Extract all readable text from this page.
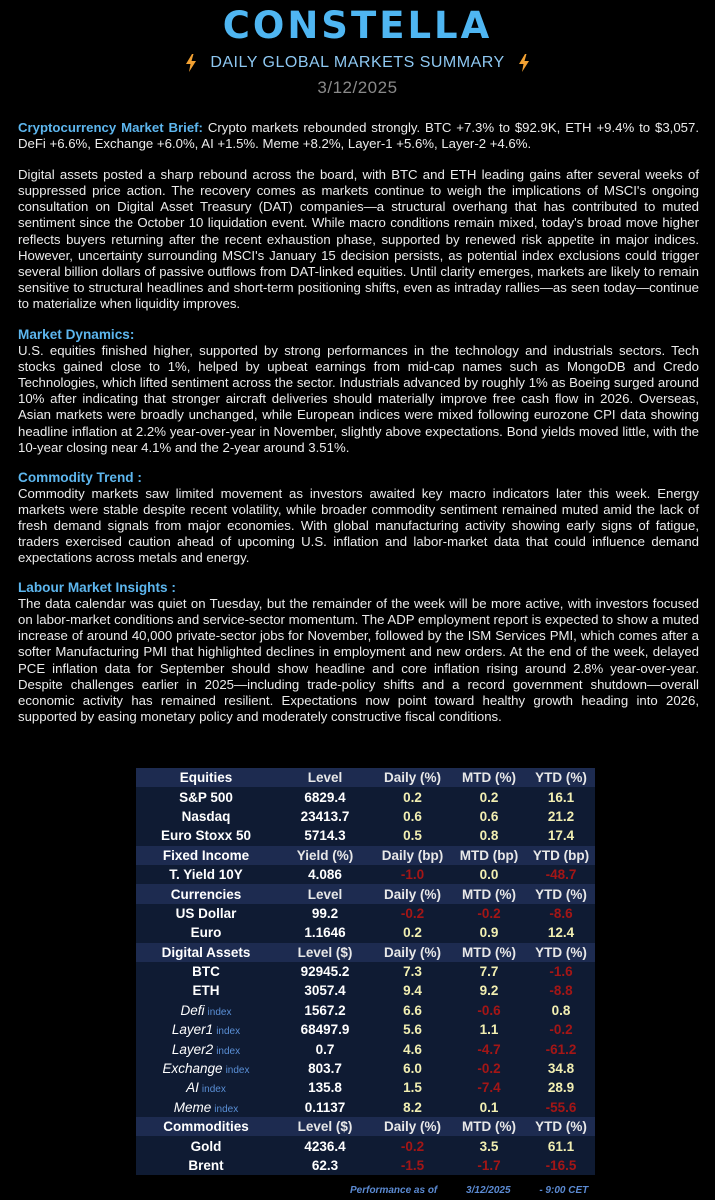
CONSTELLA
DAILY GLOBAL MARKETS SUMMARY
3/12/2025

Cryptocurrency Market Brief: Crypto markets rebounded strongly. BTC +7.3% to $92.9K, ETH +9.4% to $3,057. DeFi +6.6%, Exchange +6.0%, AI +1.5%. Meme +8.2%, Layer-1 +5.6%, Layer-2 +4.6%.

Digital assets posted a sharp rebound across the board, with BTC and ETH leading gains after several weeks of suppressed price action. The recovery comes as markets continue to weigh the implications of MSCI's ongoing consultation on Digital Asset Treasury (DAT) companies—a structural overhang that has contributed to muted sentiment since the October 10 liquidation event. While macro conditions remain mixed, today's broad move higher reflects buyers returning after the recent exhaustion phase, supported by renewed risk appetite in major indices. However, uncertainty surrounding MSCI's January 15 decision persists, as potential index exclusions could trigger several billion dollars of passive outflows from DAT-linked equities. Until clarity emerges, markets are likely to remain sensitive to structural headlines and short-term positioning shifts, even as intraday rallies—as seen today—continue to materialize when liquidity improves.

Market Dynamics:

U.S. equities finished higher, supported by strong performances in the technology and industrials sectors. Tech stocks gained close to 1%, helped by upbeat earnings from mid-cap names such as MongoDB and Credo Technologies, which lifted sentiment across the sector. Industrials advanced by roughly 1% as Boeing surged around 10% after indicating that stronger aircraft deliveries should materially improve free cash flow in 2026. Overseas, Asian markets were broadly unchanged, while European indices were mixed following eurozone CPI data showing headline inflation at 2.2% year-over-year in November, slightly above expectations. Bond yields moved little, with the 10-year closing near 4.1% and the 2-year around 3.51%.

Commodity Trend :

Commodity markets saw limited movement as investors awaited key macro indicators later this week. Energy markets were stable despite recent volatility, while broader commodity sentiment remained muted amid the lack of fresh demand signals from major economies. With global manufacturing activity showing early signs of fatigue, traders exercised caution ahead of upcoming U.S. inflation and labor-market data that could influence demand expectations across metals and energy.

Labour Market Insights :

The data calendar was quiet on Tuesday, but the remainder of the week will be more active, with investors focused on labor-market conditions and service-sector momentum. The ADP employment report is expected to show a muted increase of around 40,000 private-sector jobs for November, followed by the ISM Services PMI, which comes after a softer Manufacturing PMI that highlighted declines in employment and new orders. At the end of the week, delayed PCE inflation data for September should show headline and core inflation rising around 2.8% year-over-year. Despite challenges earlier in 2025—including trade-policy shifts and a record government shutdown—overall economic activity has remained resilient. Expectations now point toward healthy growth heading into 2026, supported by easing monetary policy and moderately constructive fiscal conditions.

Equities	Level	Daily (%)	MTD (%)	YTD (%)
S&P 500	6829.4	0.2	0.2	16.1
Nasdaq	23413.7	0.6	0.6	21.2
Euro Stoxx 50	5714.3	0.5	0.8	17.4
Fixed Income	Yield (%)	Daily (bp)	MTD (bp)	YTD (bp)
T. Yield 10Y	4.086	-1.0	0.0	-48.7
Currencies	Level	Daily (%)	MTD (%)	YTD (%)
US Dollar	99.2	-0.2	-0.2	-8.6
Euro	1.1646	0.2	0.9	12.4
Digital Assets	Level ($)	Daily (%)	MTD (%)	YTD (%)
BTC	92945.2	7.3	7.7	-1.6
ETH	3057.4	9.4	9.2	-8.8
Defi index	1567.2	6.6	-0.6	0.8
Layer1 index	68497.9	5.6	1.1	-0.2
Layer2 index	0.7	4.6	-4.7	-61.2
Exchange index	803.7	6.0	-0.2	34.8
AI index	135.8	1.5	-7.4	28.9
Meme index	0.1137	8.2	0.1	-55.6
Commodities	Level ($)	Daily (%)	MTD (%)	YTD (%)
Gold	4236.4	-0.2	3.5	61.1
Brent	62.3	-1.5	-1.7	-16.5
Performance as of	3/12/2025	- 9:00 CET
